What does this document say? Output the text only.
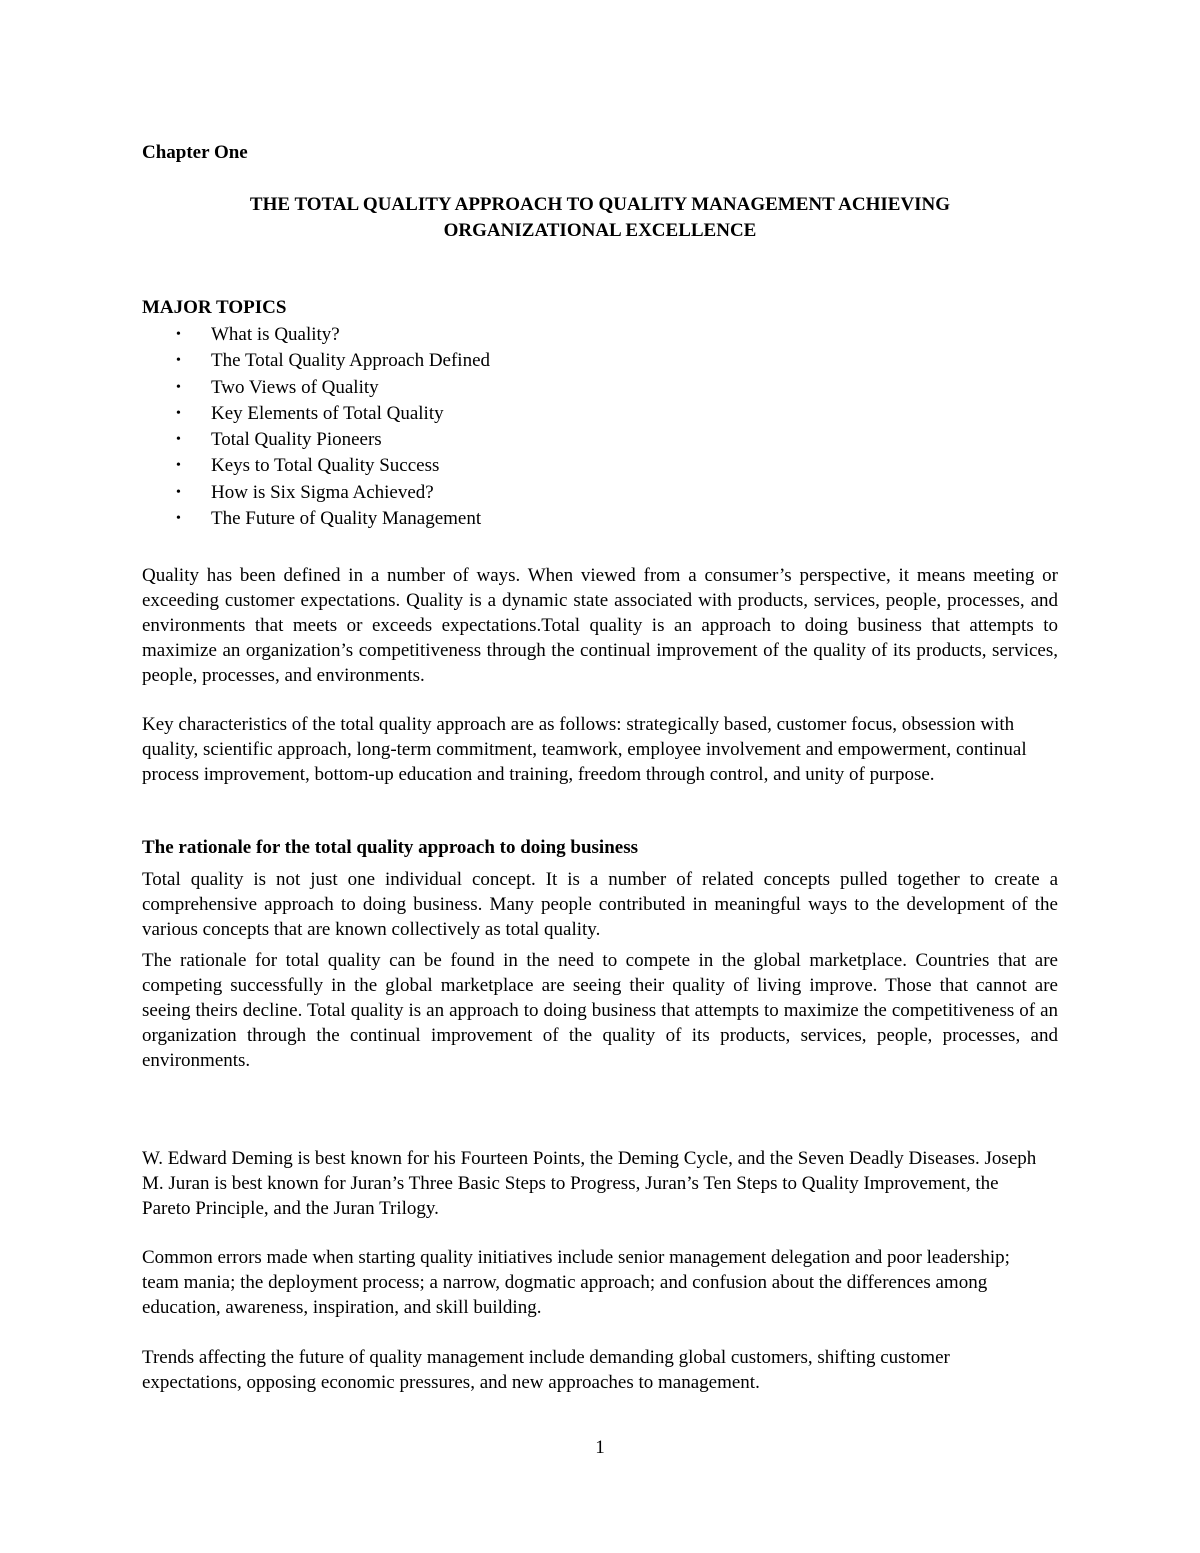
Chapter One
THE TOTAL QUALITY APPROACH TO QUALITY MANAGEMENT ACHIEVING
ORGANIZATIONAL EXCELLENCE
MAJOR TOPICS
• What is Quality?
• The Total Quality Approach Defined
• Two Views of Quality
• Key Elements of Total Quality
• Total Quality Pioneers
• Keys to Total Quality Success
• How is Six Sigma Achieved?
• The Future of Quality Management

Quality has been defined in a number of ways. When viewed from a consumer’s perspective, it means meeting or exceeding customer expectations. Quality is a dynamic state associated with products, services, people, processes, and environments that meets or exceeds expectations.Total quality is an approach to doing business that attempts to maximize an organization’s competitiveness through the continual improvement of the quality of its products, services, people, processes, and environments.

Key characteristics of the total quality approach are as follows: strategically based, customer focus, obsession with quality, scientific approach, long-term commitment, teamwork, employee involvement and empowerment, continual process improvement, bottom-up education and training, freedom through control, and unity of purpose.

The rationale for the total quality approach to doing business

Total quality is not just one individual concept. It is a number of related concepts pulled together to create a comprehensive approach to doing business. Many people contributed in meaningful ways to the development of the various concepts that are known collectively as total quality.

The rationale for total quality can be found in the need to compete in the global marketplace. Countries that are competing successfully in the global marketplace are seeing their quality of living improve. Those that cannot are seeing theirs decline. Total quality is an approach to doing business that attempts to maximize the competitiveness of an organization through the continual improvement of the quality of its products, services, people, processes, and environments.

W. Edward Deming is best known for his Fourteen Points, the Deming Cycle, and the Seven Deadly Diseases. Joseph M. Juran is best known for Juran’s Three Basic Steps to Progress, Juran’s Ten Steps to Quality Improvement, the Pareto Principle, and the Juran Trilogy.

Common errors made when starting quality initiatives include senior management delegation and poor leadership; team mania; the deployment process; a narrow, dogmatic approach; and confusion about the differences among education, awareness, inspiration, and skill building.

Trends affecting the future of quality management include demanding global customers, shifting customer expectations, opposing economic pressures, and new approaches to management.

1
